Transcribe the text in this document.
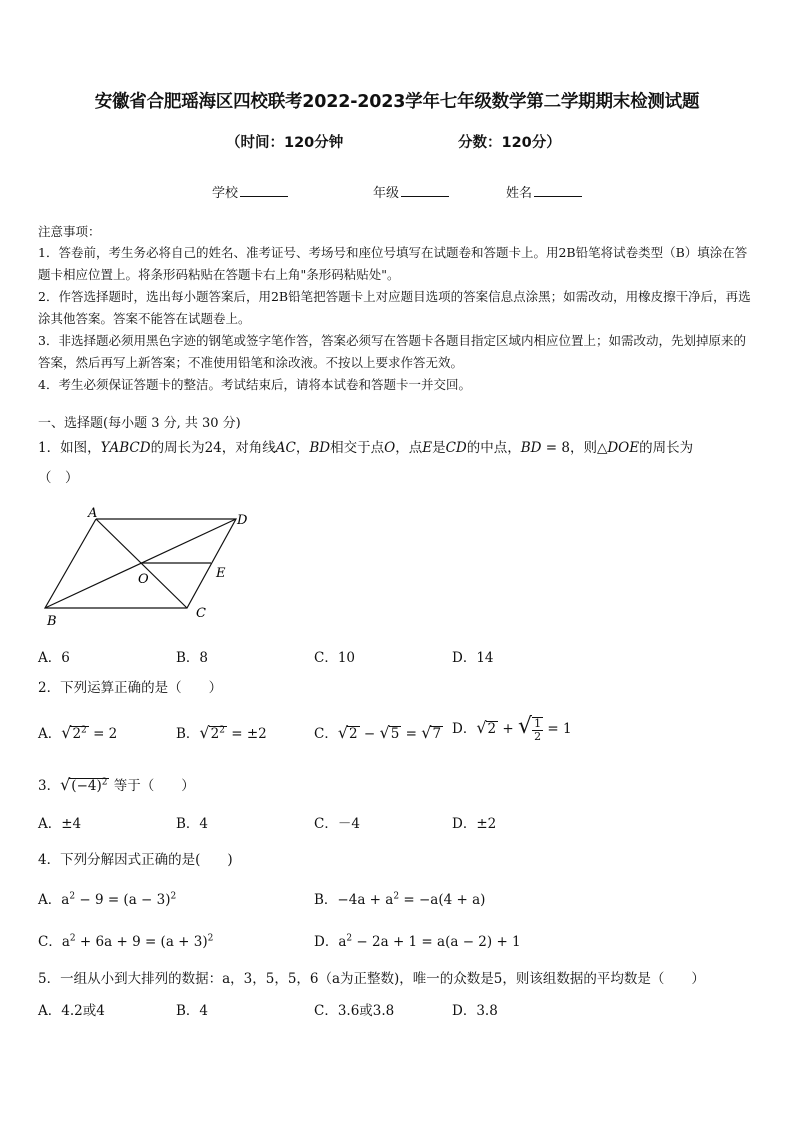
安徽省合肥瑶海区四校联考2022-2023学年七年级数学第二学期期末检测试题
（时间：120分钟	分数：120分）
学校	年级	姓名
注意事项：
1．答卷前，考生务必将自己的姓名、准考证号、考场号和座位号填写在试题卷和答题卡上。用2B铅笔将试卷类型（B）填涂在答题卡相应位置上。将条形码粘贴在答题卡右上角"条形码粘贴处"。
2．作答选择题时，选出每小题答案后，用2B铅笔把答题卡上对应题目选项的答案信息点涂黑；如需改动，用橡皮擦干净后，再选涂其他答案。答案不能答在试题卷上。
3．非选择题必须用黑色字迹的钢笔或签字笔作答，答案必须写在答题卡各题目指定区域内相应位置上；如需改动，先划掉原来的答案，然后再写上新答案；不准使用铅笔和涂改液。不按以上要求作答无效。
4．考生必须保证答题卡的整洁。考试结束后，请将本试卷和答题卡一并交回。
一、选择题(每小题 3 分, 共 30 分)
1．如图，ΥABCD的周长为24，对角线AC，BD相交于点O，点E是CD的中点，BD = 8，则△DOE的周长为
（　）
A	D
E
O
C
B
A．6	B．8	C．10	D．14
2．下列运算正确的是（　　）
A．$√2^2 = 2$	B．$√2^2 = \pm 2$	C．√2 − √5 = √7 D．√2 + √ $\frac{1}{2} = 1$
3．$√(-4)^2$ 等于（　　）
A．±4	B．4	C．－4	D．±2
4．下列分解因式正确的是(　　)
A．$a^2 - 9 = (a - 3)^2$	B．$-4a + a^2 = -a(4 + a)$
C．$a^2 + 6a + 9 = (a + 3)^2$	D．$a^2 - 2a + 1 = a(a - 2) + 1$
5．一组从小到大排列的数据：a，3，5，5，6（a为正整数)，唯一的众数是5，则该组数据的平均数是（　　）
A．4.2或4	B．4	C．3.6或3.8	D．3.8
